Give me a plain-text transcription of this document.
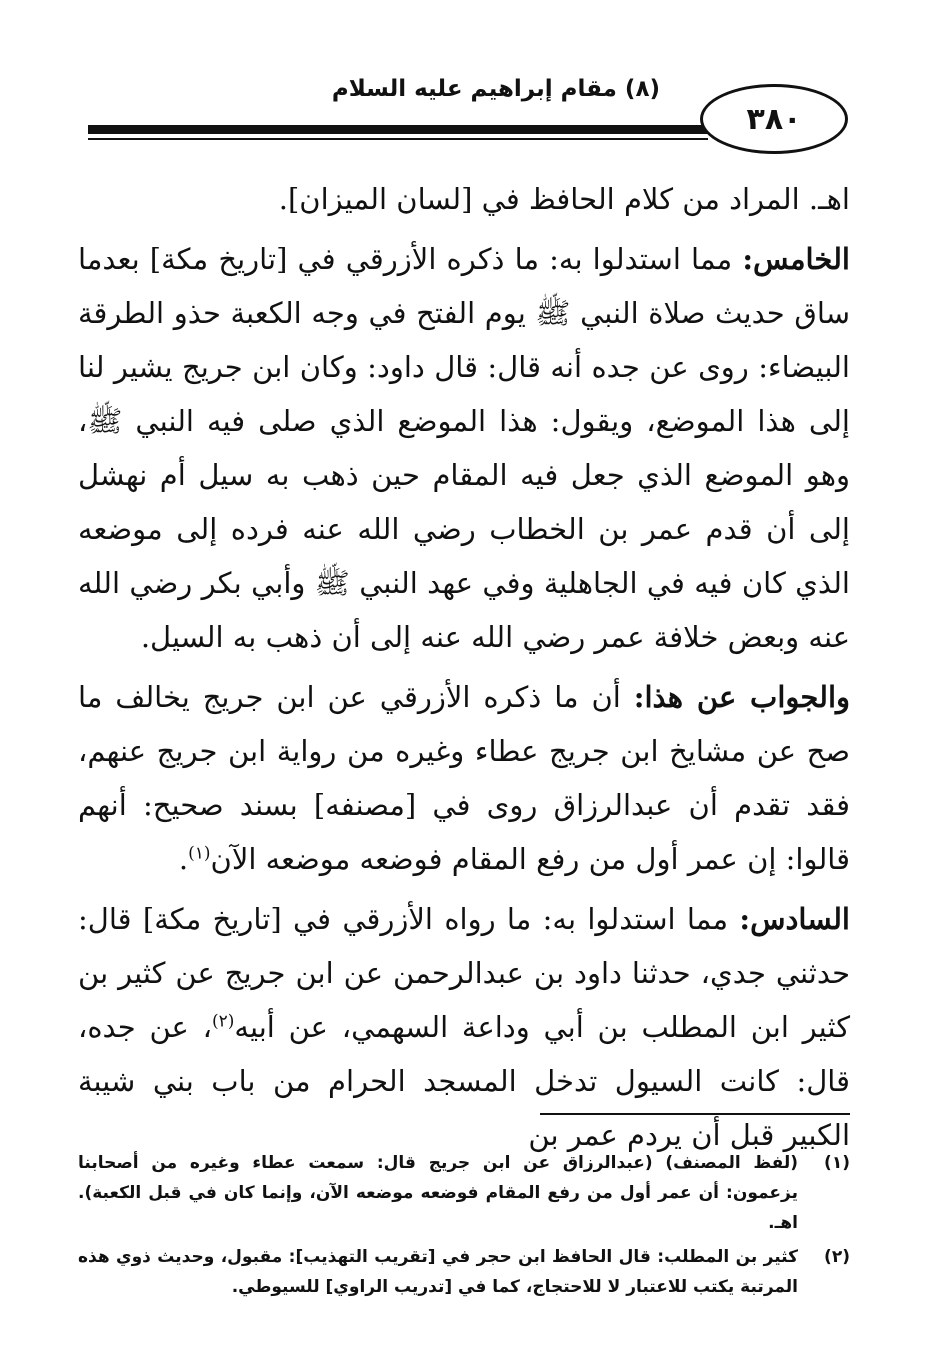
(٨) مقام إبراهيم عليه السلام
٣٨٠

اهـ. المراد من كلام الحافظ في [لسان الميزان].

الخامس: مما استدلوا به: ما ذكره الأزرقي في [تاريخ مكة] بعدما ساق حديث صلاة النبي ﷺ يوم الفتح في وجه الكعبة حذو الطرقة البيضاء: روى عن جده أنه قال: قال داود: وكان ابن جريج يشير لنا إلى هذا الموضع، ويقول: هذا الموضع الذي صلى فيه النبي ﷺ، وهو الموضع الذي جعل فيه المقام حين ذهب به سيل أم نهشل إلى أن قدم عمر بن الخطاب رضي الله عنه فرده إلى موضعه الذي كان فيه في الجاهلية وفي عهد النبي ﷺ وأبي بكر رضي الله عنه وبعض خلافة عمر رضي الله عنه إلى أن ذهب به السيل.

والجواب عن هذا: أن ما ذكره الأزرقي عن ابن جريج يخالف ما صح عن مشايخ ابن جريج عطاء وغيره من رواية ابن جريج عنهم، فقد تقدم أن عبدالرزاق روى في [مصنفه] بسند صحيح: أنهم قالوا: إن عمر أول من رفع المقام فوضعه موضعه الآن$^{(١)}$.

السادس: مما استدلوا به: ما رواه الأزرقي في [تاريخ مكة] قال: حدثني جدي، حدثنا داود بن عبدالرحمن عن ابن جريج عن كثير بن كثير ابن المطلب بن أبي وداعة السهمي، عن أبيه$^{(٢)}$، عن جده، قال: كانت السيول تدخل المسجد الحرام من باب بني شيبة الكبير قبل أن يردم عمر بن

(١)
(لفظ المصنف) (عبدالرزاق عن ابن جريج قال: سمعت عطاء وغيره من أصحابنا يزعمون: أن عمر أول من رفع المقام فوضعه موضعه الآن، وإنما كان في قبل الكعبة). اهـ.
(٢)
كثير بن المطلب: قال الحافظ ابن حجر في [تقريب التهذيب]: مقبول، وحديث ذوي هذه المرتبة يكتب للاعتبار لا للاحتجاج، كما في [تدريب الراوي] للسيوطي.
